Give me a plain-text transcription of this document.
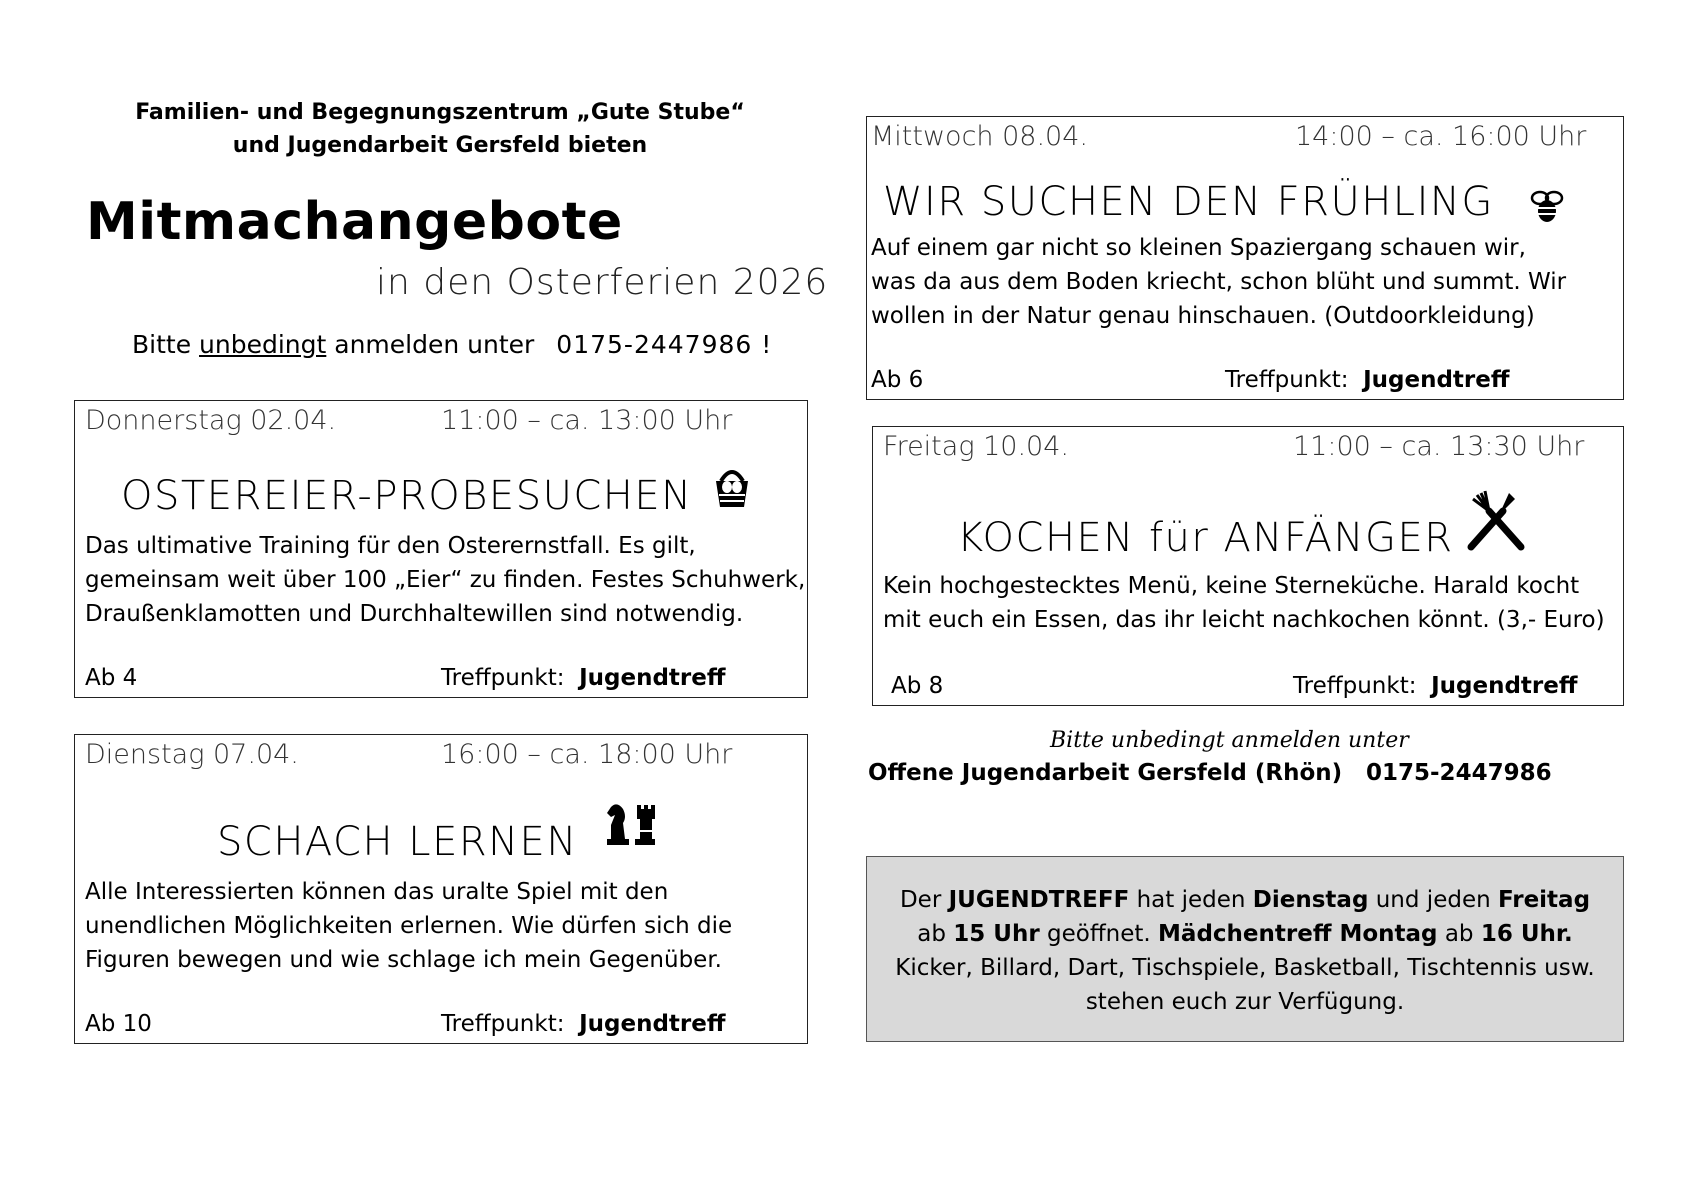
Familien- und Begegnungszentrum „Gute Stube“
und Jugendarbeit Gersfeld bieten
Mitmachangebote
in den Osterferien 2026
Bitte unbedingt anmelden unter 0175-2447986 !
Donnerstag 02.04.	11:00 – ca. 13:00 Uhr
OSTEREIER-PROBESUCHEN
Das ultimative Training für den Osterernstfall. Es gilt,
gemeinsam weit über 100 „Eier“ zu finden. Festes Schuhwerk,
Draußenklamotten und Durchhaltewillen sind notwendig.
Ab 4	Treffpunkt: Jugendtreff
Dienstag 07.04.	16:00 – ca. 18:00 Uhr
SCHACH LERNEN
Alle Interessierten können das uralte Spiel mit den
unendlichen Möglichkeiten erlernen. Wie dürfen sich die
Figuren bewegen und wie schlage ich mein Gegenüber.
Ab 10	Treffpunkt: Jugendtreff
Mittwoch 08.04.	14:00 – ca. 16:00 Uhr
WIR SUCHEN DEN FRÜHLING
Auf einem gar nicht so kleinen Spaziergang schauen wir,
was da aus dem Boden kriecht, schon blüht und summt. Wir
wollen in der Natur genau hinschauen. (Outdoorkleidung)
Ab 6	Treffpunkt: Jugendtreff
Freitag 10.04.	11:00 – ca. 13:30 Uhr
KOCHEN für ANFÄNGER
Kein hochgestecktes Menü, keine Sterneküche. Harald kocht
mit euch ein Essen, das ihr leicht nachkochen könnt. (3,- Euro)
Ab 8	Treffpunkt: Jugendtreff
Bitte unbedingt anmelden unter
Offene Jugendarbeit Gersfeld (Rhön) 0175-2447986
Der JUGENDTREFF hat jeden Dienstag und jeden Freitag
ab 15 Uhr geöffnet. Mädchentreff Montag ab 16 Uhr.
Kicker, Billard, Dart, Tischspiele, Basketball, Tischtennis usw.
stehen euch zur Verfügung.
